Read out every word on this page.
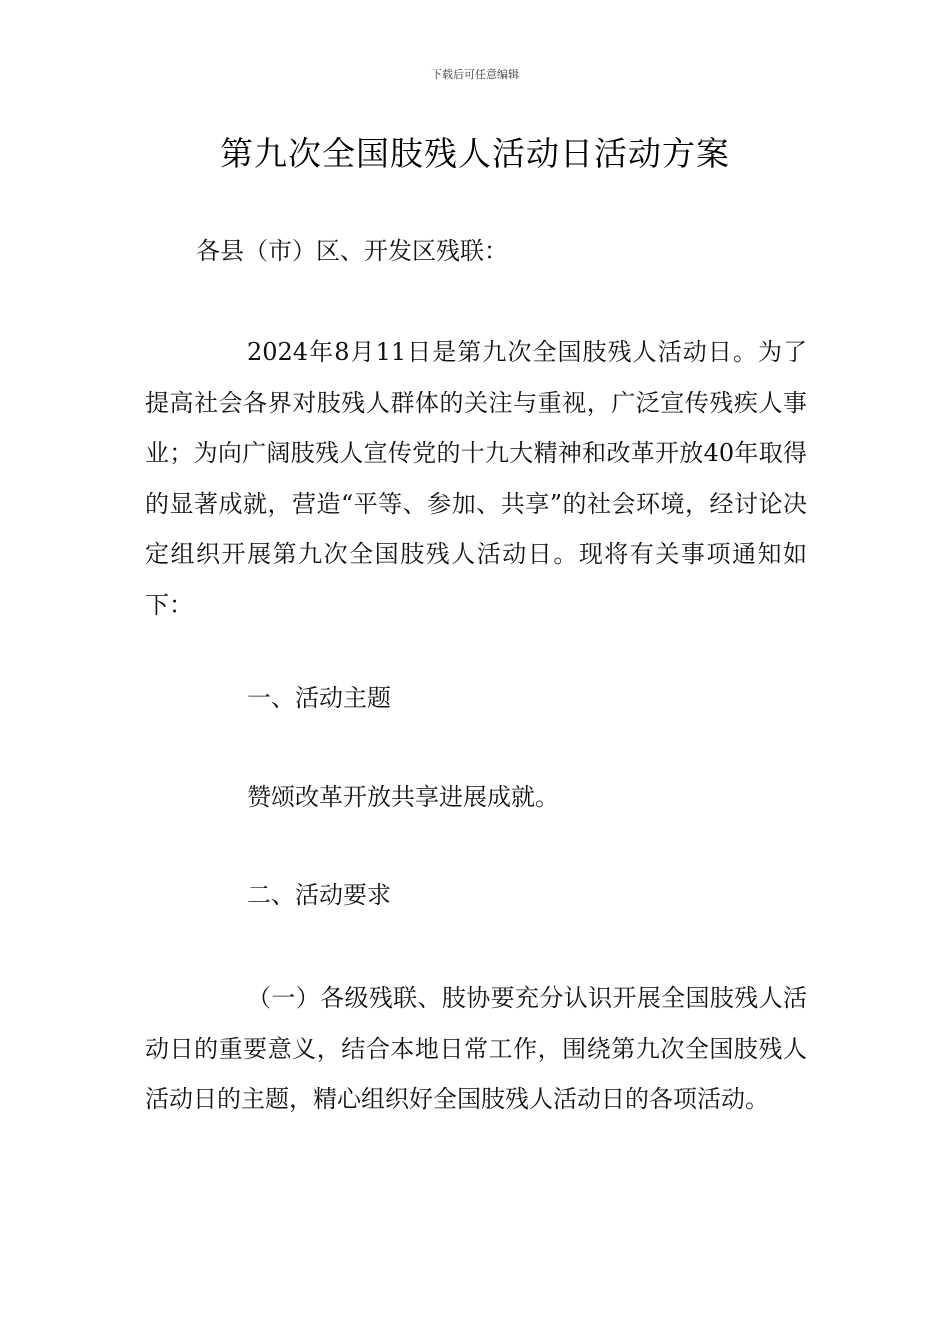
下载后可任意编辑
第九次全国肢残人活动日活动方案

各县（市）区、开发区残联：

2024年8月11日是第九次全国肢残人活动日。为了提高社会各界对肢残人群体的关注与重视，广泛宣传残疾人事业；为向广阔肢残人宣传党的十九大精神和改革开放40年取得的显著成就，营造“平等、参加、共享”的社会环境，经讨论决定组织开展第九次全国肢残人活动日。现将有关事项通知如下：

一、活动主题

赞颂改革开放共享进展成就。

二、活动要求

（一）各级残联、肢协要充分认识开展全国肢残人活动日的重要意义，结合本地日常工作，围绕第九次全国肢残人活动日的主题，精心组织好全国肢残人活动日的各项活动。
